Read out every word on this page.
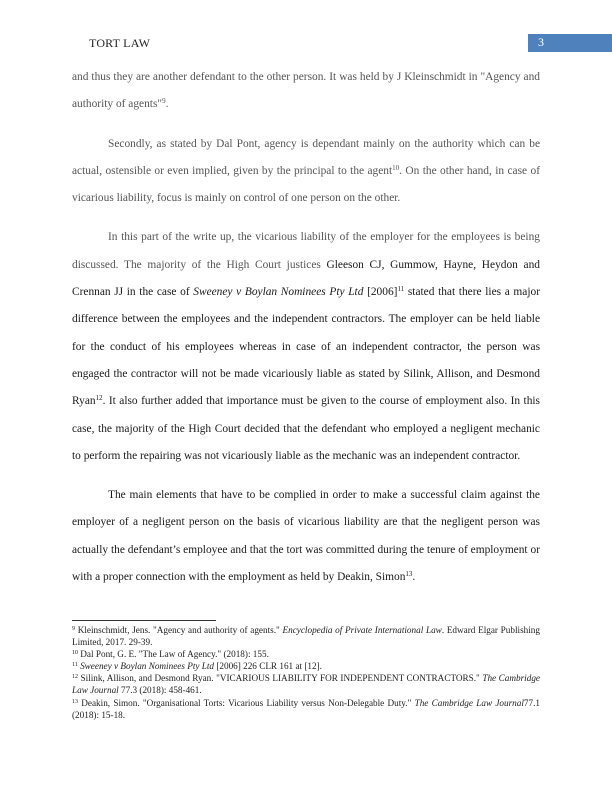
TORT LAW	3

and thus they are another defendant to the other person. It was held by J Kleinschmidt in "Agency and authority of agents"$^9$.

Secondly, as stated by Dal Pont, agency is dependant mainly on the authority which can be actual, ostensible or even implied, given by the principal to the agent$^{10}$. On the other hand, in case of vicarious liability, focus is mainly on control of one person on the other.

In this part of the write up, the vicarious liability of the employer for the employees is being discussed. The majority of the High Court justices Gleeson CJ, Gummow, Hayne, Heydon and Crennan JJ in the case of Sweeney v Boylan Nominees Pty Ltd $[2006]^{11}$ stated that there lies a major difference between the employees and the independent contractors. The employer can be held liable for the conduct of his employees whereas in case of an independent contractor, the person was engaged the contractor will not be made vicariously liable as stated by Silink, Allison, and Desmond Ryan$^{12}$. It also further added that importance must be given to the course of employment also. In this case, the majority of the High Court decided that the defendant who employed a negligent mechanic to perform the repairing was not vicariously liable as the mechanic was an independent contractor.

The main elements that have to be complied in order to make a successful claim against the employer of a negligent person on the basis of vicarious liability are that the negligent person was actually the defendant’s employee and that the tort was committed during the tenure of employment or with a proper connection with the employment as held by Deakin, Simon$^{13}$.

$^9$ Kleinschmidt, Jens. "Agency and authority of agents." Encyclopedia of Private International Law. Edward Elgar Publishing Limited, 2017. 29-39.

$^{10}$ Dal Pont, G. E. "The Law of Agency." (2018): 155.

$^{11}$ Sweeney v Boylan Nominees Pty Ltd [2006] 226 CLR 161 at [12].

$^{12}$ Silink, Allison, and Desmond Ryan. "VICARIOUS LIABILITY FOR INDEPENDENT CONTRACTORS." The Cambridge Law Journal 77.3 (2018): 458-461.

$^{13}$ Deakin, Simon. "Organisational Torts: Vicarious Liability versus Non-Delegable Duty." The Cambridge Law Journal77.1 (2018): 15-18.
